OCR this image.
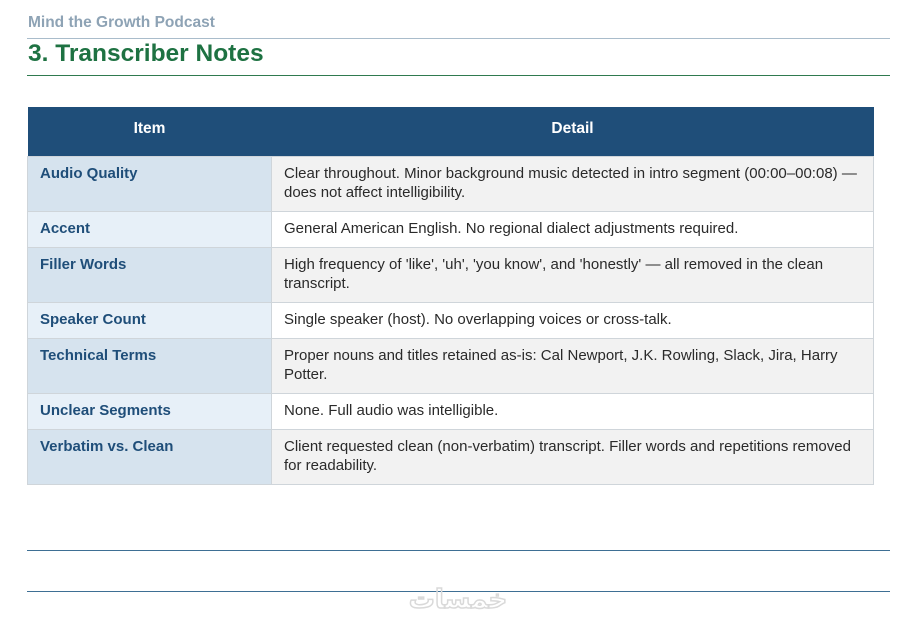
Mind the Growth Podcast
3. Transcriber Notes
Item	Detail
Audio Quality	Clear throughout. Minor background music detected in intro segment (00:00–00:08) — does not affect intelligibility.
Accent	General American English. No regional dialect adjustments required.
Filler Words	High frequency of 'like', 'uh', 'you know', and 'honestly' — all removed in the clean transcript.
Speaker Count	Single speaker (host). No overlapping voices or cross-talk.
Technical Terms	Proper nouns and titles retained as-is: Cal Newport, J.K. Rowling, Slack, Jira, Harry Potter.
Unclear Segments	None. Full audio was intelligible.
Verbatim vs. Clean	Client requested clean (non-verbatim) transcript. Filler words and repetitions removed for readability.
خمسات
